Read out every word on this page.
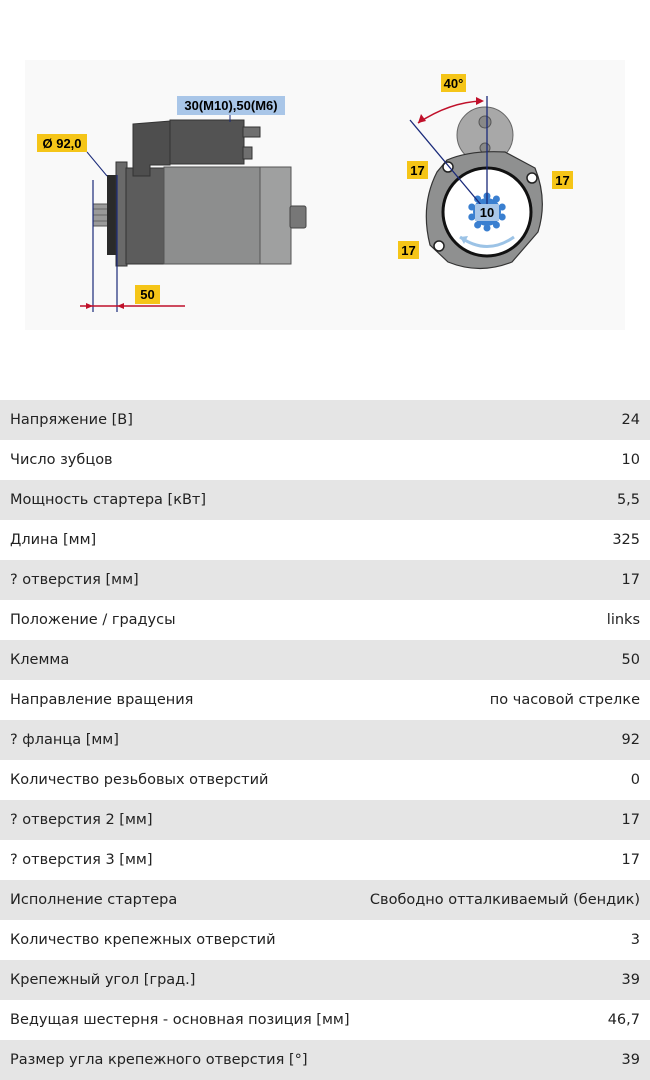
Ø 92,0
30(M10),50(M6)
50
40°
17
17
17
10
Напряжение [В]	24
Число зубцов	10
Мощность стартера [кВт]	5,5
Длина [мм]	325
? отверстия [мм]	17
Положение / градусы	links
Клемма	50
Направление вращения	по часовой стрелке
? фланца [мм]	92
Количество резьбовых отверстий	0
? отверстия 2 [мм]	17
? отверстия 3 [мм]	17
Исполнение стартера	Свободно отталкиваемый (бендик)
Количество крепежных отверстий	3
Крепежный угол [град.]	39
Ведущая шестерня - основная позиция [мм]	46,7
Размер угла крепежного отверстия [°]	39
